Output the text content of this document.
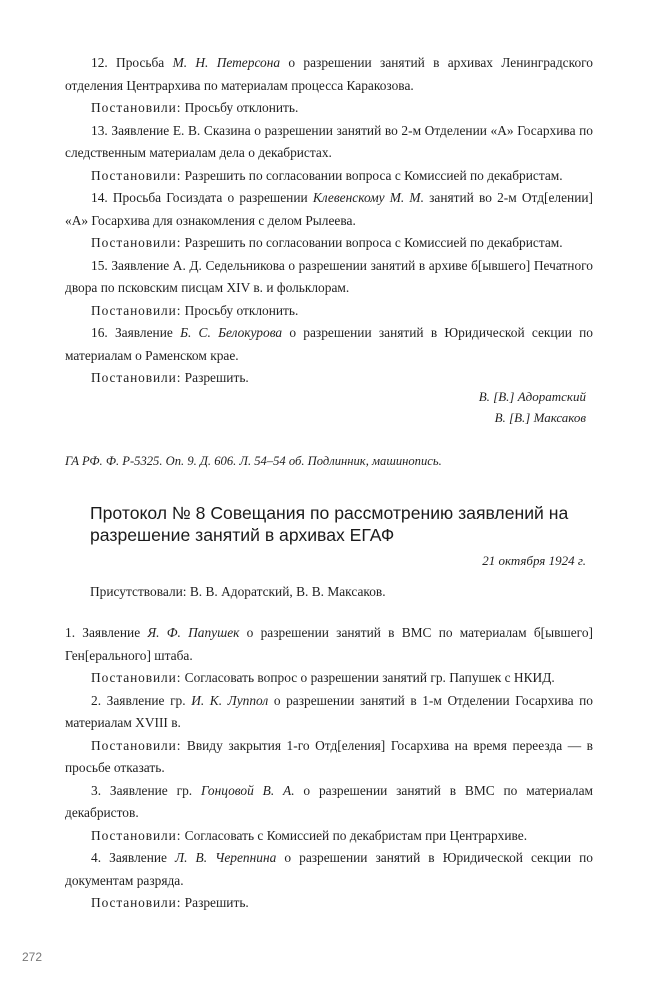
12. Просьба М. Н. Петерсона о разрешении занятий в архивах Ленинградского отделения Центрархива по материалам процесса Каракозова.

Постановили: Просьбу отклонить.

13. Заявление Е. В. Сказина о разрешении занятий во 2-м Отделении «А» Госархива по следственным материалам дела о декабристах.

Постановили: Разрешить по согласовании вопроса с Комиссией по декабристам.

14. Просьба Госиздата о разрешении Клевенскому М. М. занятий во 2-м Отд[елении] «А» Госархива для ознакомления с делом Рылеева.

Постановили: Разрешить по согласовании вопроса с Комиссией по декабристам.

15. Заявление А. Д. Седельникова о разрешении занятий в архиве б[ывшего] Печатного двора по псковским писцам XIV в. и фольклорам.

Постановили: Просьбу отклонить.

16. Заявление Б. С. Белокурова о разрешении занятий в Юридической секции по материалам о Раменском крае.

Постановили: Разрешить.

В. [В.] Адоратский
В. [В.] Максаков
ГА РФ. Ф. Р-5325. Оп. 9. Д. 606. Л. 54–54 об. Подлинник, машинопись.
Протокол № 8 Совещания по рассмотрению заявлений на разрешение занятий в архивах ЕГАФ
21 октября 1924 г.
Присутствовали: В. В. Адоратский, В. В. Максаков.

1. Заявление Я. Ф. Папушек о разрешении занятий в ВМС по материалам б[ывшего] Ген[ерального] штаба.

Постановили: Согласовать вопрос о разрешении занятий гр. Папушек с НКИД.

2. Заявление гр. И. К. Луппол о разрешении занятий в 1-м Отделении Госархива по материалам XVIII в.

Постановили: Ввиду закрытия 1-го Отд[еления] Госархива на время переезда — в просьбе отказать.

3. Заявление гр. Гонцовой В. А. о разрешении занятий в ВМС по материалам декабристов.

Постановили: Согласовать с Комиссией по декабристам при Центрархиве.

4. Заявление Л. В. Черепнина о разрешении занятий в Юридической секции по документам разряда.

Постановили: Разрешить.

272
